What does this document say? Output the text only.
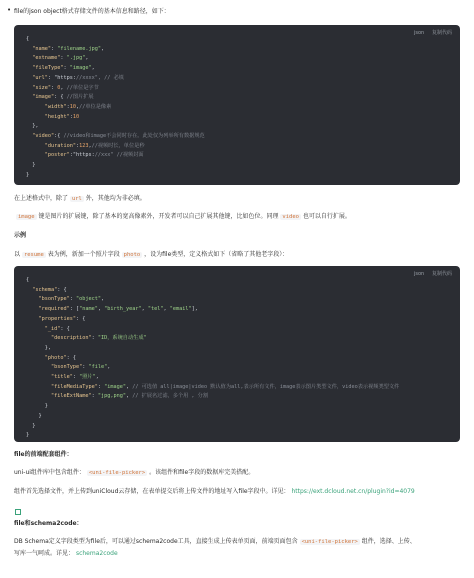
• file的json object格式存储文件的基本信息和路径，如下：
json 复制代码
{
"name": "filename.jpg",
"extname": ".jpg",
"fileType": "image",
"url": "https://xxxx", // 必填
"size": 0, //单位是字节
"image": { //图片扩展
"width":10,//单位是像素
"height":10
},
"video":{ //video和image不会同时存在。此处仅为列举所有数据规范
"duration":123,//视频时长，单位是秒
"poster":"https://xxx" //视频封面
}
}
在上述格式中，除了 url 外，其他均为非必填。
image 键是图片的扩展键，除了基本的宽高像素外，开发者可以自己扩展其他键，比如色位。同理 video 也可以自行扩展。
示例
以 resume 表为例，新加一个照片字段 photo ，设为file类型，定义格式如下（省略了其他老字段）：
json 复制代码
{
"schema": {
"bsonType": "object",
"required": ["name", "birth_year", "tel", "email"],
"properties": {
"_id": {
"description": "ID，系统自动生成"
},
"photo": {
"bsonType": "file",
"title": "照片",
"fileMediaType": "image", // 可选值 all|image|video 默认值为all,表示所有文件，image表示图片类型文件，video表示视频类型文件
"fileExtName": "jpg,png", // 扩展名过滤，多个用 , 分割
}
}
}
}
file的前端配套组件：
uni-ui组件库中包含组件： <uni-file-picker> 。该组件和file字段的数据库完美搭配。
组件首先选择文件，并上传到uniCloud云存储，在表单提交后将上传文件的地址写入file字段中。详见： https://ext.dcloud.net.cn/plugin?id=4079
file和schema2code：
DB Schema定义字段类型为file后，可以通过schema2code工具，直接生成上传表单页面，前端页面包含 <uni-file-picker> 组件，选择、上传、
写库一气呵成。详见： schema2code
